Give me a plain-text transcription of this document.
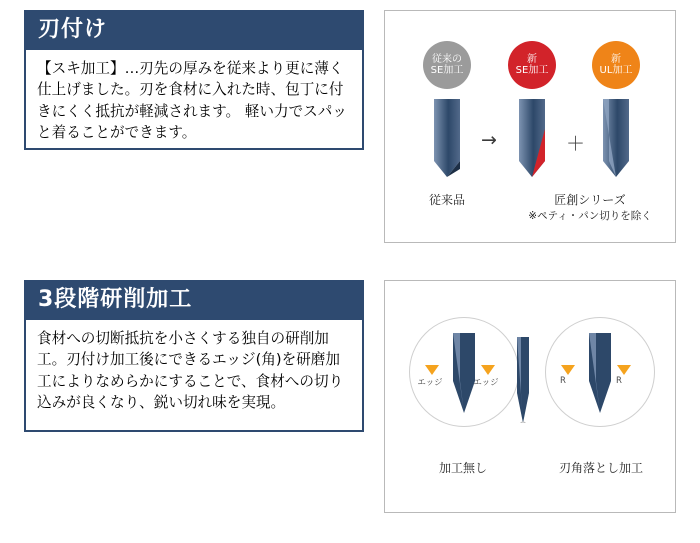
刃付け

【スキ加工】…刃先の厚みを従来より更に薄く仕上げました。刃を食材に入れた時、包丁に付きにくく抵抗が軽減されます。 軽い力でスパッと着ることができます。

3段階研削加工

食材への切断抵抗を小さくする独自の研削加工。刃付け加工後にできるエッジ(角)を研磨加工によりなめらかにすることで、食材への切り込みが良くなり、鋭い切れ味を実現。

従来の
SE加工
新
SE加工
新
UL加工
→	＋
従来品	匠創シリーズ
※ペティ・パン切りを除く
エッジ	エッジ	R	R
加工無し	刃角落とし加工
